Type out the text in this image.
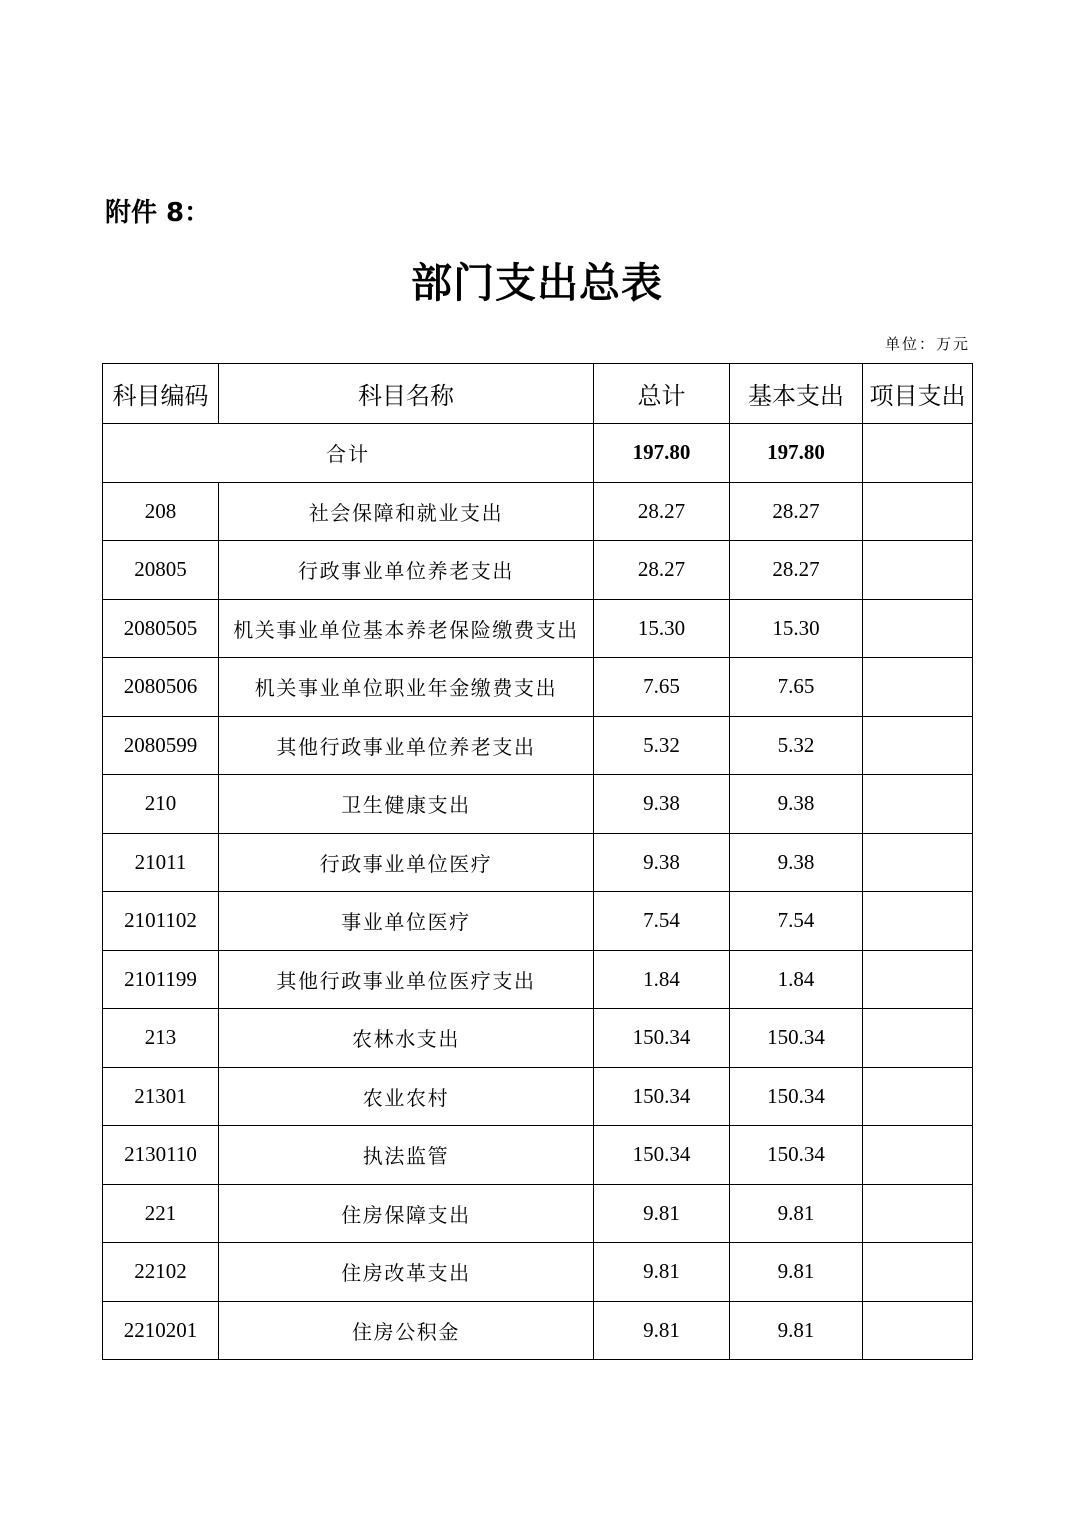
附件 8：
部门支出总表
单位：万元
科目编码	科目名称	总计	基本支出	项目支出
合计		197.80	197.80	
208	社会保障和就业支出	28.27	28.27	
20805	行政事业单位养老支出	28.27	28.27	
2080505	机关事业单位基本养老保险缴费支出	15.30	15.30	
2080506	机关事业单位职业年金缴费支出	7.65	7.65	
2080599	其他行政事业单位养老支出	5.32	5.32	
210	卫生健康支出	9.38	9.38	
21011	行政事业单位医疗	9.38	9.38	
2101102	事业单位医疗	7.54	7.54	
2101199	其他行政事业单位医疗支出	1.84	1.84	
213	农林水支出	150.34	150.34	
21301	农业农村	150.34	150.34	
2130110	执法监管	150.34	150.34	
221	住房保障支出	9.81	9.81	
22102	住房改革支出	9.81	9.81	
2210201	住房公积金	9.81	9.81	
